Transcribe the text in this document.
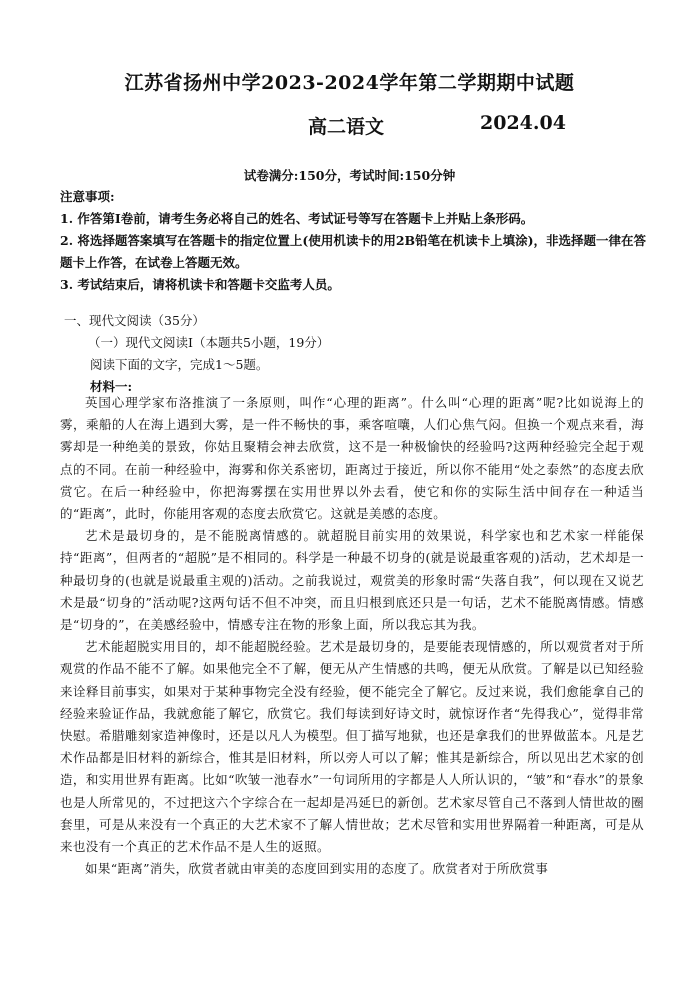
江苏省扬州中学2023-2024学年第二学期期中试题
高二语文	2024.04
试卷满分:150分，考试时间:150分钟

注意事项:

1. 作答第Ⅰ卷前，请考生务必将自己的姓名、考试证号等写在答题卡上并贴上条形码。

2. 将选择题答案填写在答题卡的指定位置上(使用机读卡的用2B铅笔在机读卡上填涂)，非选择题一律在答题卡上作答，在试卷上答题无效。

3. 考试结束后，请将机读卡和答题卡交监考人员。

一、现代文阅读（35分）

（一）现代文阅读Ⅰ（本题共5小题，19分）

阅读下面的文字，完成1～5题。

材料一:

英国心理学家布洛推演了一条原则，叫作“心理的距离”。什么叫“心理的距离”呢?比如说海上的雾，乘船的人在海上遇到大雾，是一件不畅快的事，乘客喧嚷，人们心焦气闷。但换一个观点来看，海雾却是一种绝美的景致，你姑且聚精会神去欣赏，这不是一种极愉快的经验吗?这两种经验完全起于观点的不同。在前一种经验中，海雾和你关系密切，距离过于接近，所以你不能用“处之泰然”的态度去欣赏它。在后一种经验中，你把海雾摆在实用世界以外去看，使它和你的实际生活中间存在一种适当的“距离”，此时，你能用客观的态度去欣赏它。这就是美感的态度。

艺术是最切身的，是不能脱离情感的。就超脱目前实用的效果说，科学家也和艺术家一样能保持“距离”，但两者的“超脱”是不相同的。科学是一种最不切身的(就是说最重客观的)活动，艺术却是一种最切身的(也就是说最重主观的)活动。之前我说过，观赏美的形象时需“失落自我”，何以现在又说艺术是最“切身的”活动呢?这两句话不但不冲突，而且归根到底还只是一句话，艺术不能脱离情感。情感是“切身的”，在美感经验中，情感专注在物的形象上面，所以我忘其为我。

艺术能超脱实用目的，却不能超脱经验。艺术是最切身的，是要能表现情感的，所以观赏者对于所观赏的作品不能不了解。如果他完全不了解，便无从产生情感的共鸣，便无从欣赏。了解是以已知经验来诠释目前事实，如果对于某种事物完全没有经验，便不能完全了解它。反过来说，我们愈能拿自己的经验来验证作品，我就愈能了解它，欣赏它。我们每读到好诗文时，就惊讶作者“先得我心”，觉得非常快慰。希腊雕刻家造神像时，还是以凡人为模型。但丁描写地狱，也还是拿我们的世界做蓝本。凡是艺术作品都是旧材料的新综合，惟其是旧材料，所以旁人可以了解；惟其是新综合，所以见出艺术家的创造，和实用世界有距离。比如“吹皱一池春水”一句词所用的字都是人人所认识的，“皱”和“春水”的景象也是人所常见的，不过把这六个字综合在一起却是冯延巳的新创。艺术家尽管自己不落到人情世故的圈套里，可是从来没有一个真正的大艺术家不了解人情世故；艺术尽管和实用世界隔着一种距离，可是从来也没有一个真正的艺术作品不是人生的返照。

如果“距离”消失，欣赏者就由审美的态度回到实用的态度了。欣赏者对于所欣赏事
